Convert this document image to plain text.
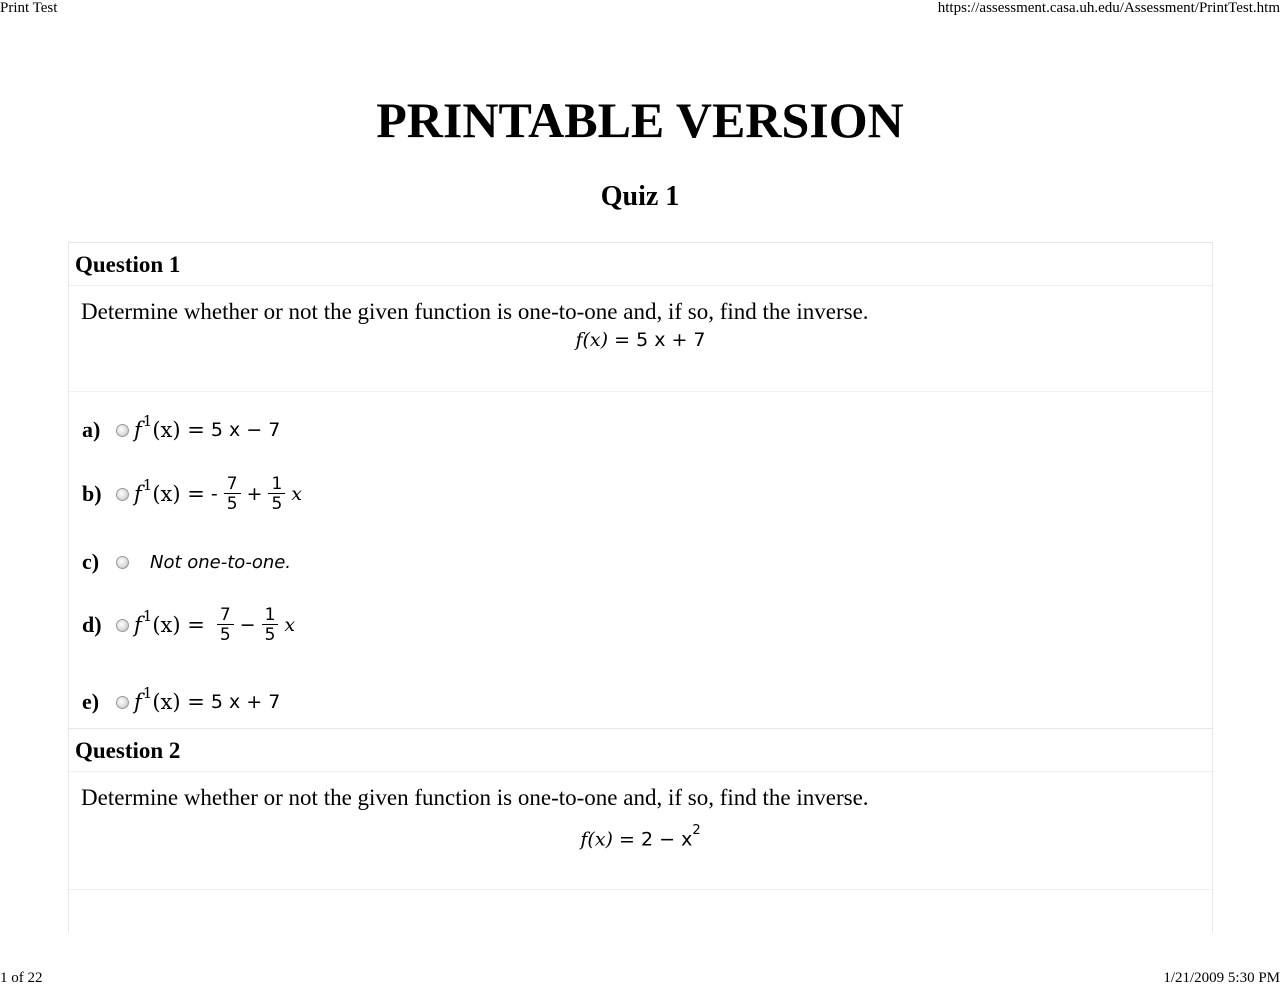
Print Test	https://assessment.casa.uh.edu/Assessment/PrintTest.htm
PRINTABLE VERSION
Quiz 1
Question 1
Determine whether or not the given function is one-to-one and, if so, find the inverse.
f(x) = 5 x + 7
a)	f 1 (x) = 5 x − 7
b)	f 1 (x) = - $\frac{7}{5} + \frac{1}{5}$ x
c)	Not one-to-one.
d)	f 1 $(x) = \frac{7}{5} - \frac{1}{5}$ x
e)	f 1 (x) = 5 x + 7
Question 2
Determine whether or not the given function is one-to-one and, if so, find the inverse.
$f(x) = 2 - x^2$
1 of 22	1/21/2009 5:30 PM
